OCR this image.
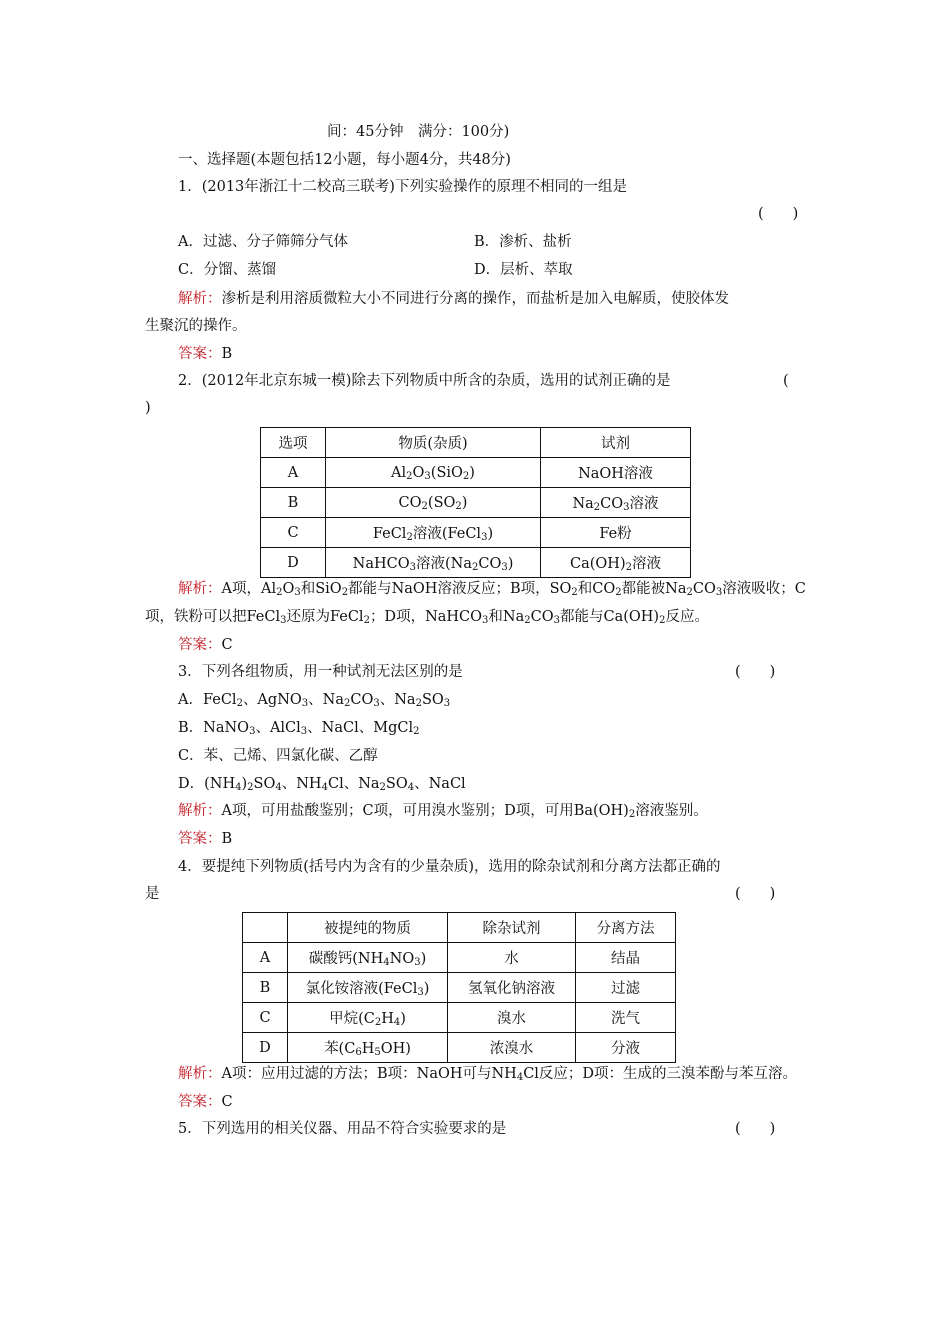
间：45分钟　满分：100分)
一、选择题(本题包括12小题，每小题4分，共48分)
1．(2013年浙江十二校高三联考)下列实验操作的原理不相同的一组是
(　　)
A．过滤、分子筛筛分气体	B．渗析、盐析
C．分馏、蒸馏	D．层析、萃取
解析：渗析是利用溶质微粒大小不同进行分离的操作，而盐析是加入电解质，使胶体发
生聚沉的操作。
答案：B
2．(2012年北京东城一模)除去下列物质中所含的杂质，选用的试剂正确的是	(
)
选项	物质(杂质)	试剂
A	$Al_2O_3(SiO_2)$	NaOH溶液
B	$CO_2(SO_2)$	$Na_2CO_3$溶液
C	FeCl$_2$溶液(FeCl$_3$)	Fe粉
D	NaHCO$_3$溶液$(Na_2CO_3)$	$Ca(OH)_2$溶液
解析：A项，$Al_2O_3$和SiO$_2$都能与NaOH溶液反应；B项，$SO_2$和$CO_2$都能被$Na_2CO_3$溶液吸收；C
项，铁粉可以把FeCl$_3$还原为FeCl$_2$；D项，NaHCO$_3$和$Na_2CO_3$都能与$Ca(OH)_2$反应。
答案：C
3．下列各组物质，用一种试剂无法区别的是	(　　)
A．FeCl$_2$、AgNO$_3$、$Na_2CO_3$、$Na_2SO_3$
B．NaNO$_3$、AlCl$_3$、NaCl、MgCl$_2$
C．苯、己烯、四氯化碳、乙醇
D．$(NH_4)_2SO_4$、$NH_4Cl$、$Na_2SO_4$、NaCl
解析：A项，可用盐酸鉴别；C项，可用溴水鉴别；D项，可用$Ba(OH)_2$溶液鉴别。
答案：B
4．要提纯下列物质(括号内为含有的少量杂质)，选用的除杂试剂和分离方法都正确的
是	(　　)
	被提纯的物质	除杂试剂	分离方法
A	碳酸钙$(NH_4NO_3)$	水	结晶
B	氯化铵溶液(FeCl$_3$)	氢氧化钠溶液	过滤
C	甲烷$(C_2H_4)$	溴水	洗气
D	苯$(C_6H_5OH)$	浓溴水	分液
解析：A项：应用过滤的方法；B项：NaOH可与$NH_4Cl$反应；D项：生成的三溴苯酚与苯互溶。
答案：C
5．下列选用的相关仪器、用品不符合实验要求的是	(　　)
